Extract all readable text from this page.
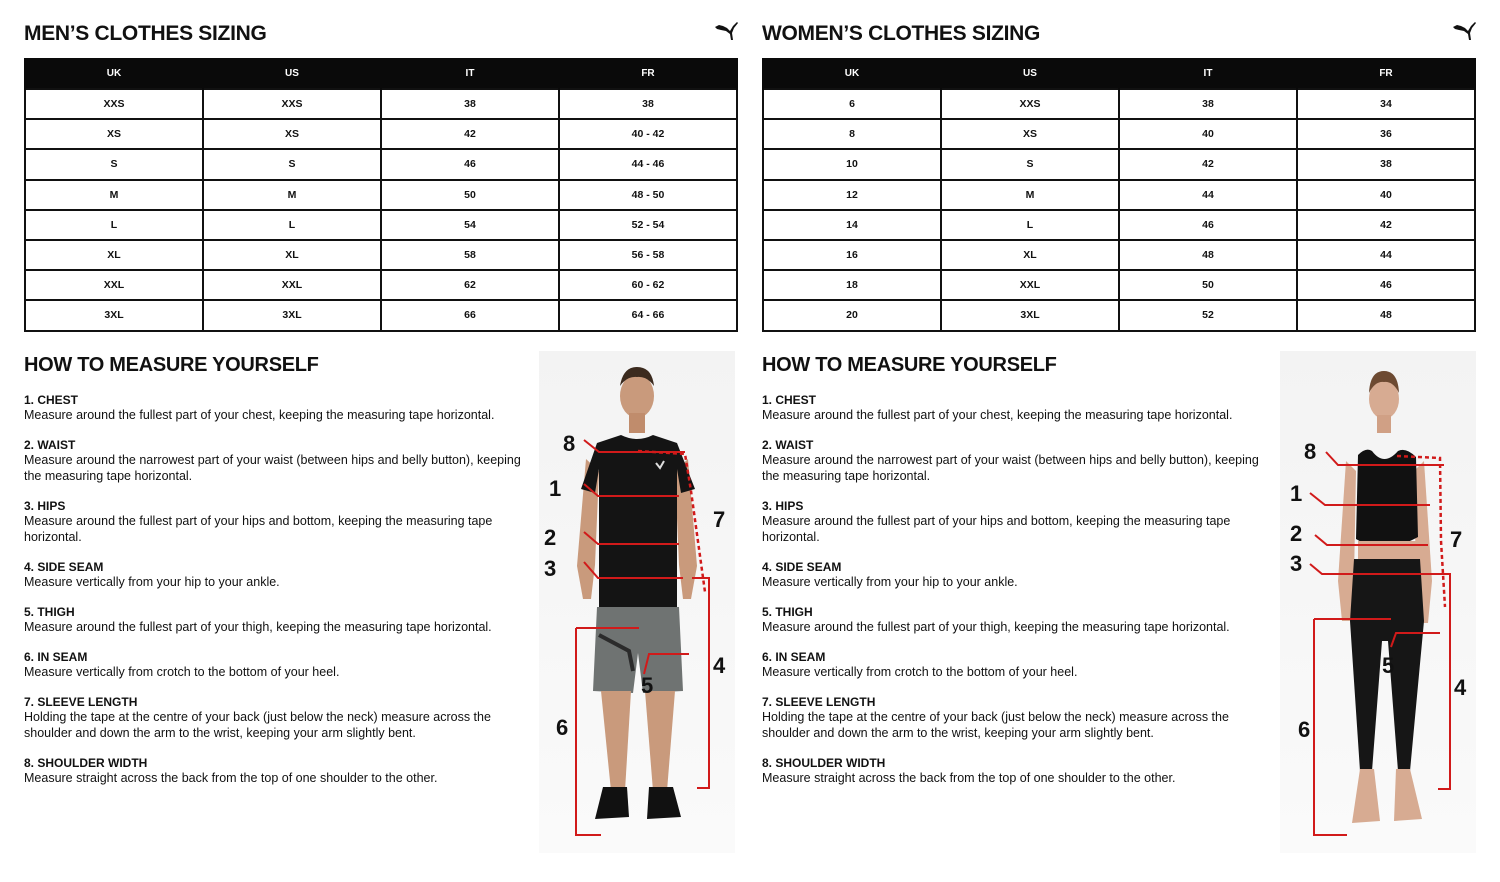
MEN’S CLOTHES SIZING
UK	US	IT	FR
XXS	XXS	38	38
XS	XS	42	40 - 42
S	S	46	44 - 46
M	M	50	48 - 50
L	L	54	52 - 54
XL	XL	58	56 - 58
XXL	XXL	62	60 - 62
3XL	3XL	66	64 - 66
HOW TO MEASURE YOURSELF
1. CHEST
Measure around the fullest part of your chest, keeping the measuring tape horizontal.
2. WAIST
Measure around the narrowest part of your waist (between hips and belly button), keeping the measuring tape horizontal.
3. HIPS
Measure around the fullest part of your hips and bottom, keeping the measuring tape horizontal.
4. SIDE SEAM
Measure vertically from your hip to your ankle.
5. THIGH
Measure around the fullest part of your thigh, keeping the measuring tape horizontal.
6. IN SEAM
Measure vertically from crotch to the bottom of your heel.
7. SLEEVE LENGTH
Holding the tape at the centre of your back (just below the neck) measure across the shoulder and down the arm to the wrist, keeping your arm slightly bent.
8. SHOULDER WIDTH
Measure straight across the back from the top of one shoulder to the other.
8
1
2
3
7
4
5
6
WOMEN’S CLOTHES SIZING
UK	US	IT	FR
6	XXS	38	34
8	XS	40	36
10	S	42	38
12	M	44	40
14	L	46	42
16	XL	48	44
18	XXL	50	46
20	3XL	52	48
HOW TO MEASURE YOURSELF
1. CHEST
Measure around the fullest part of your chest, keeping the measuring tape horizontal.
2. WAIST
Measure around the narrowest part of your waist (between hips and belly button), keeping the measuring tape horizontal.
3. HIPS
Measure around the fullest part of your hips and bottom, keeping the measuring tape horizontal.
4. SIDE SEAM
Measure vertically from your hip to your ankle.
5. THIGH
Measure around the fullest part of your thigh, keeping the measuring tape horizontal.
6. IN SEAM
Measure vertically from crotch to the bottom of your heel.
7. SLEEVE LENGTH
Holding the tape at the centre of your back (just below the neck) measure across the shoulder and down the arm to the wrist, keeping your arm slightly bent.
8. SHOULDER WIDTH
Measure straight across the back from the top of one shoulder to the other.
8
1
2
3
7
4
5
6
